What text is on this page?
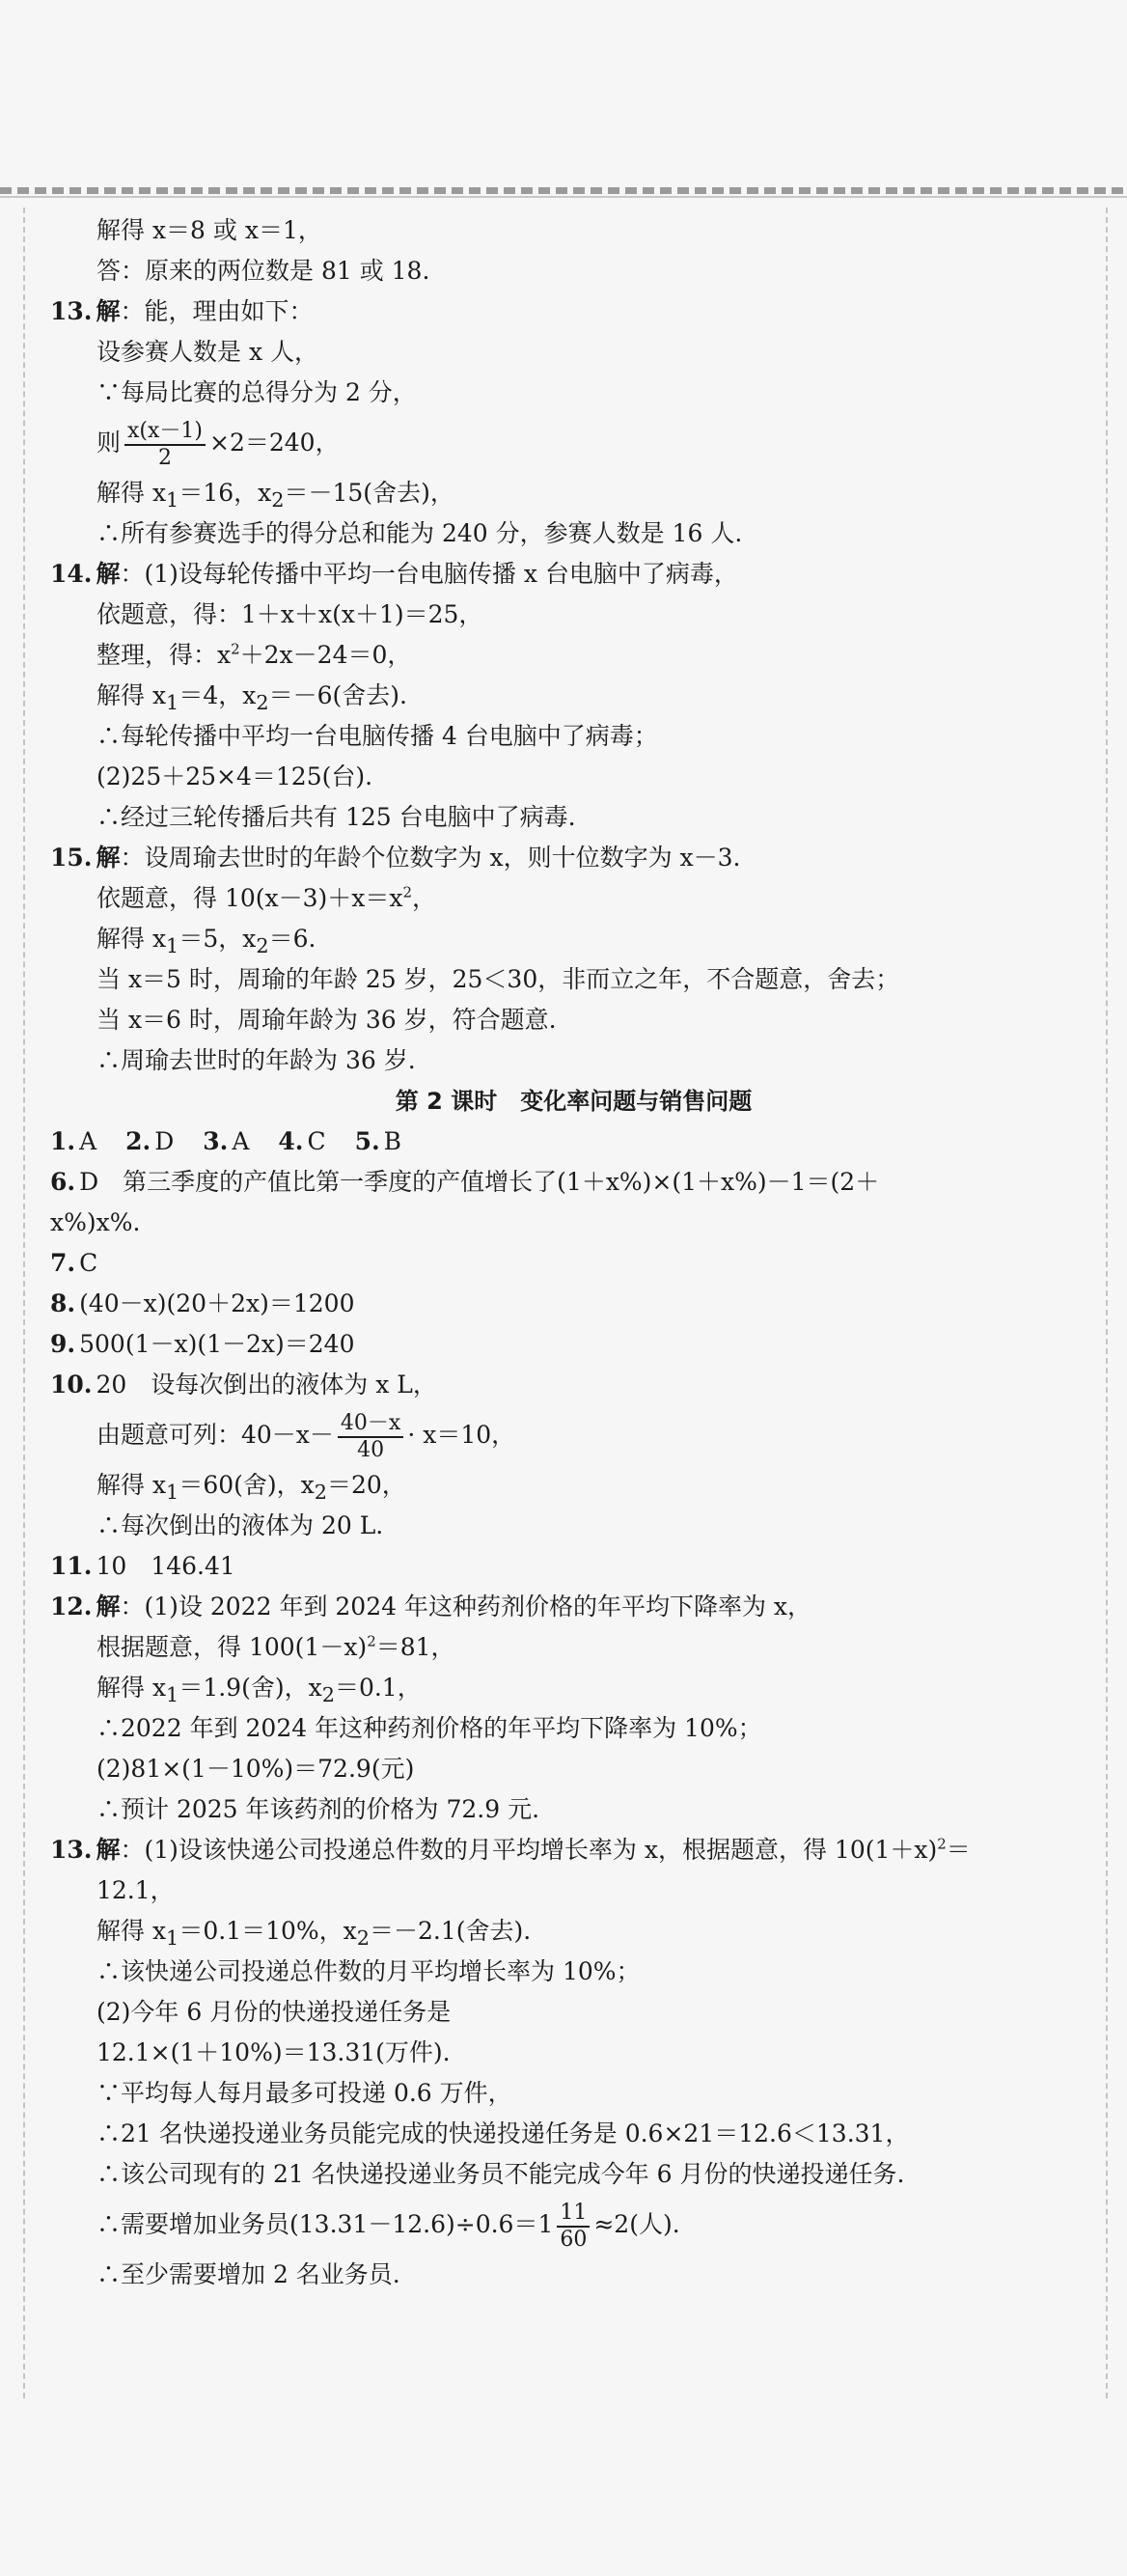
解得 x＝8 或 x＝1，
答：原来的两位数是 81 或 18.
13. 解：能，理由如下：
设参赛人数是 x 人，
∵每局比赛的总得分为 2 分，
则 $\frac{x(x-1)}{2} \times 2=240$，
解得 $x_1=16$，$x_2=-15$(舍去)，
∴所有参赛选手的得分总和能为 240 分，参赛人数是 16 人.
14. 解：(1)设每轮传播中平均一台电脑传播 x 台电脑中了病毒，
依题意，得：1＋x＋x(x＋1)＝25，
整理，得：$x^2+2x-24=0$，
解得 $x_1=4$，$x_2=-6$(舍去).
∴每轮传播中平均一台电脑传播 4 台电脑中了病毒；
(2)25＋25×4＝125(台).
∴经过三轮传播后共有 125 台电脑中了病毒.
15. 解：设周瑜去世时的年龄个位数字为 x，则十位数字为 x－3.
依题意，得 $10(x-3)+x=x^2$，
解得 $x_1=5$，$x_2=6$.
当 x＝5 时，周瑜的年龄 25 岁，25＜30，非而立之年，不合题意，舍去；
当 x＝6 时，周瑜年龄为 36 岁，符合题意.
∴周瑜去世时的年龄为 36 岁.
第 2 课时　变化率问题与销售问题
1. A 2. D 3. A 4. C 5. B
6. D　第三季度的产值比第一季度的产值增长了(1＋x%)×(1＋x%)－1＝(2＋
x%)x%.
7. C
8. (40－x)(20＋2x)＝1200
9. 500(1－x)(1－2x)＝240
10. 20　设每次倒出的液体为 x L，
由题意可列：$40-x- \frac{40-x}{40} \cdot x=10$，
解得 $x_1=60$(舍)，$x_2=20$，
∴每次倒出的液体为 20 L.
11. 10　146.41
12. 解：(1)设 2022 年到 2024 年这种药剂价格的年平均下降率为 x，
根据题意，得 $100(1-x)^2=81$，
解得 $x_1=1.9$(舍)，$x_2=0.1$，
∴2022 年到 2024 年这种药剂价格的年平均下降率为 10%；
(2)81×(1－10%)＝72.9(元)
∴预计 2025 年该药剂的价格为 72.9 元.
13. 解：(1)设该快递公司投递总件数的月平均增长率为 x，根据题意，得 $10(1+x)^2=$
12.1，
解得 $x_1=0.1=10\%$，$x_2=-2.1$(舍去).
∴该快递公司投递总件数的月平均增长率为 10%；
(2)今年 6 月份的快递投递任务是
12.1×(1＋10%)＝13.31(万件).
∵平均每人每月最多可投递 0.6 万件，
∴21 名快递投递业务员能完成的快递投递任务是 0.6×21＝12.6＜13.31，
∴该公司现有的 21 名快递投递业务员不能完成今年 6 月份的快递投递任务.
∴需要增加业务员$(13.31-12.6)\div 0.6=1 \frac{11}{60} \approx 2$(人).
∴至少需要增加 2 名业务员.
